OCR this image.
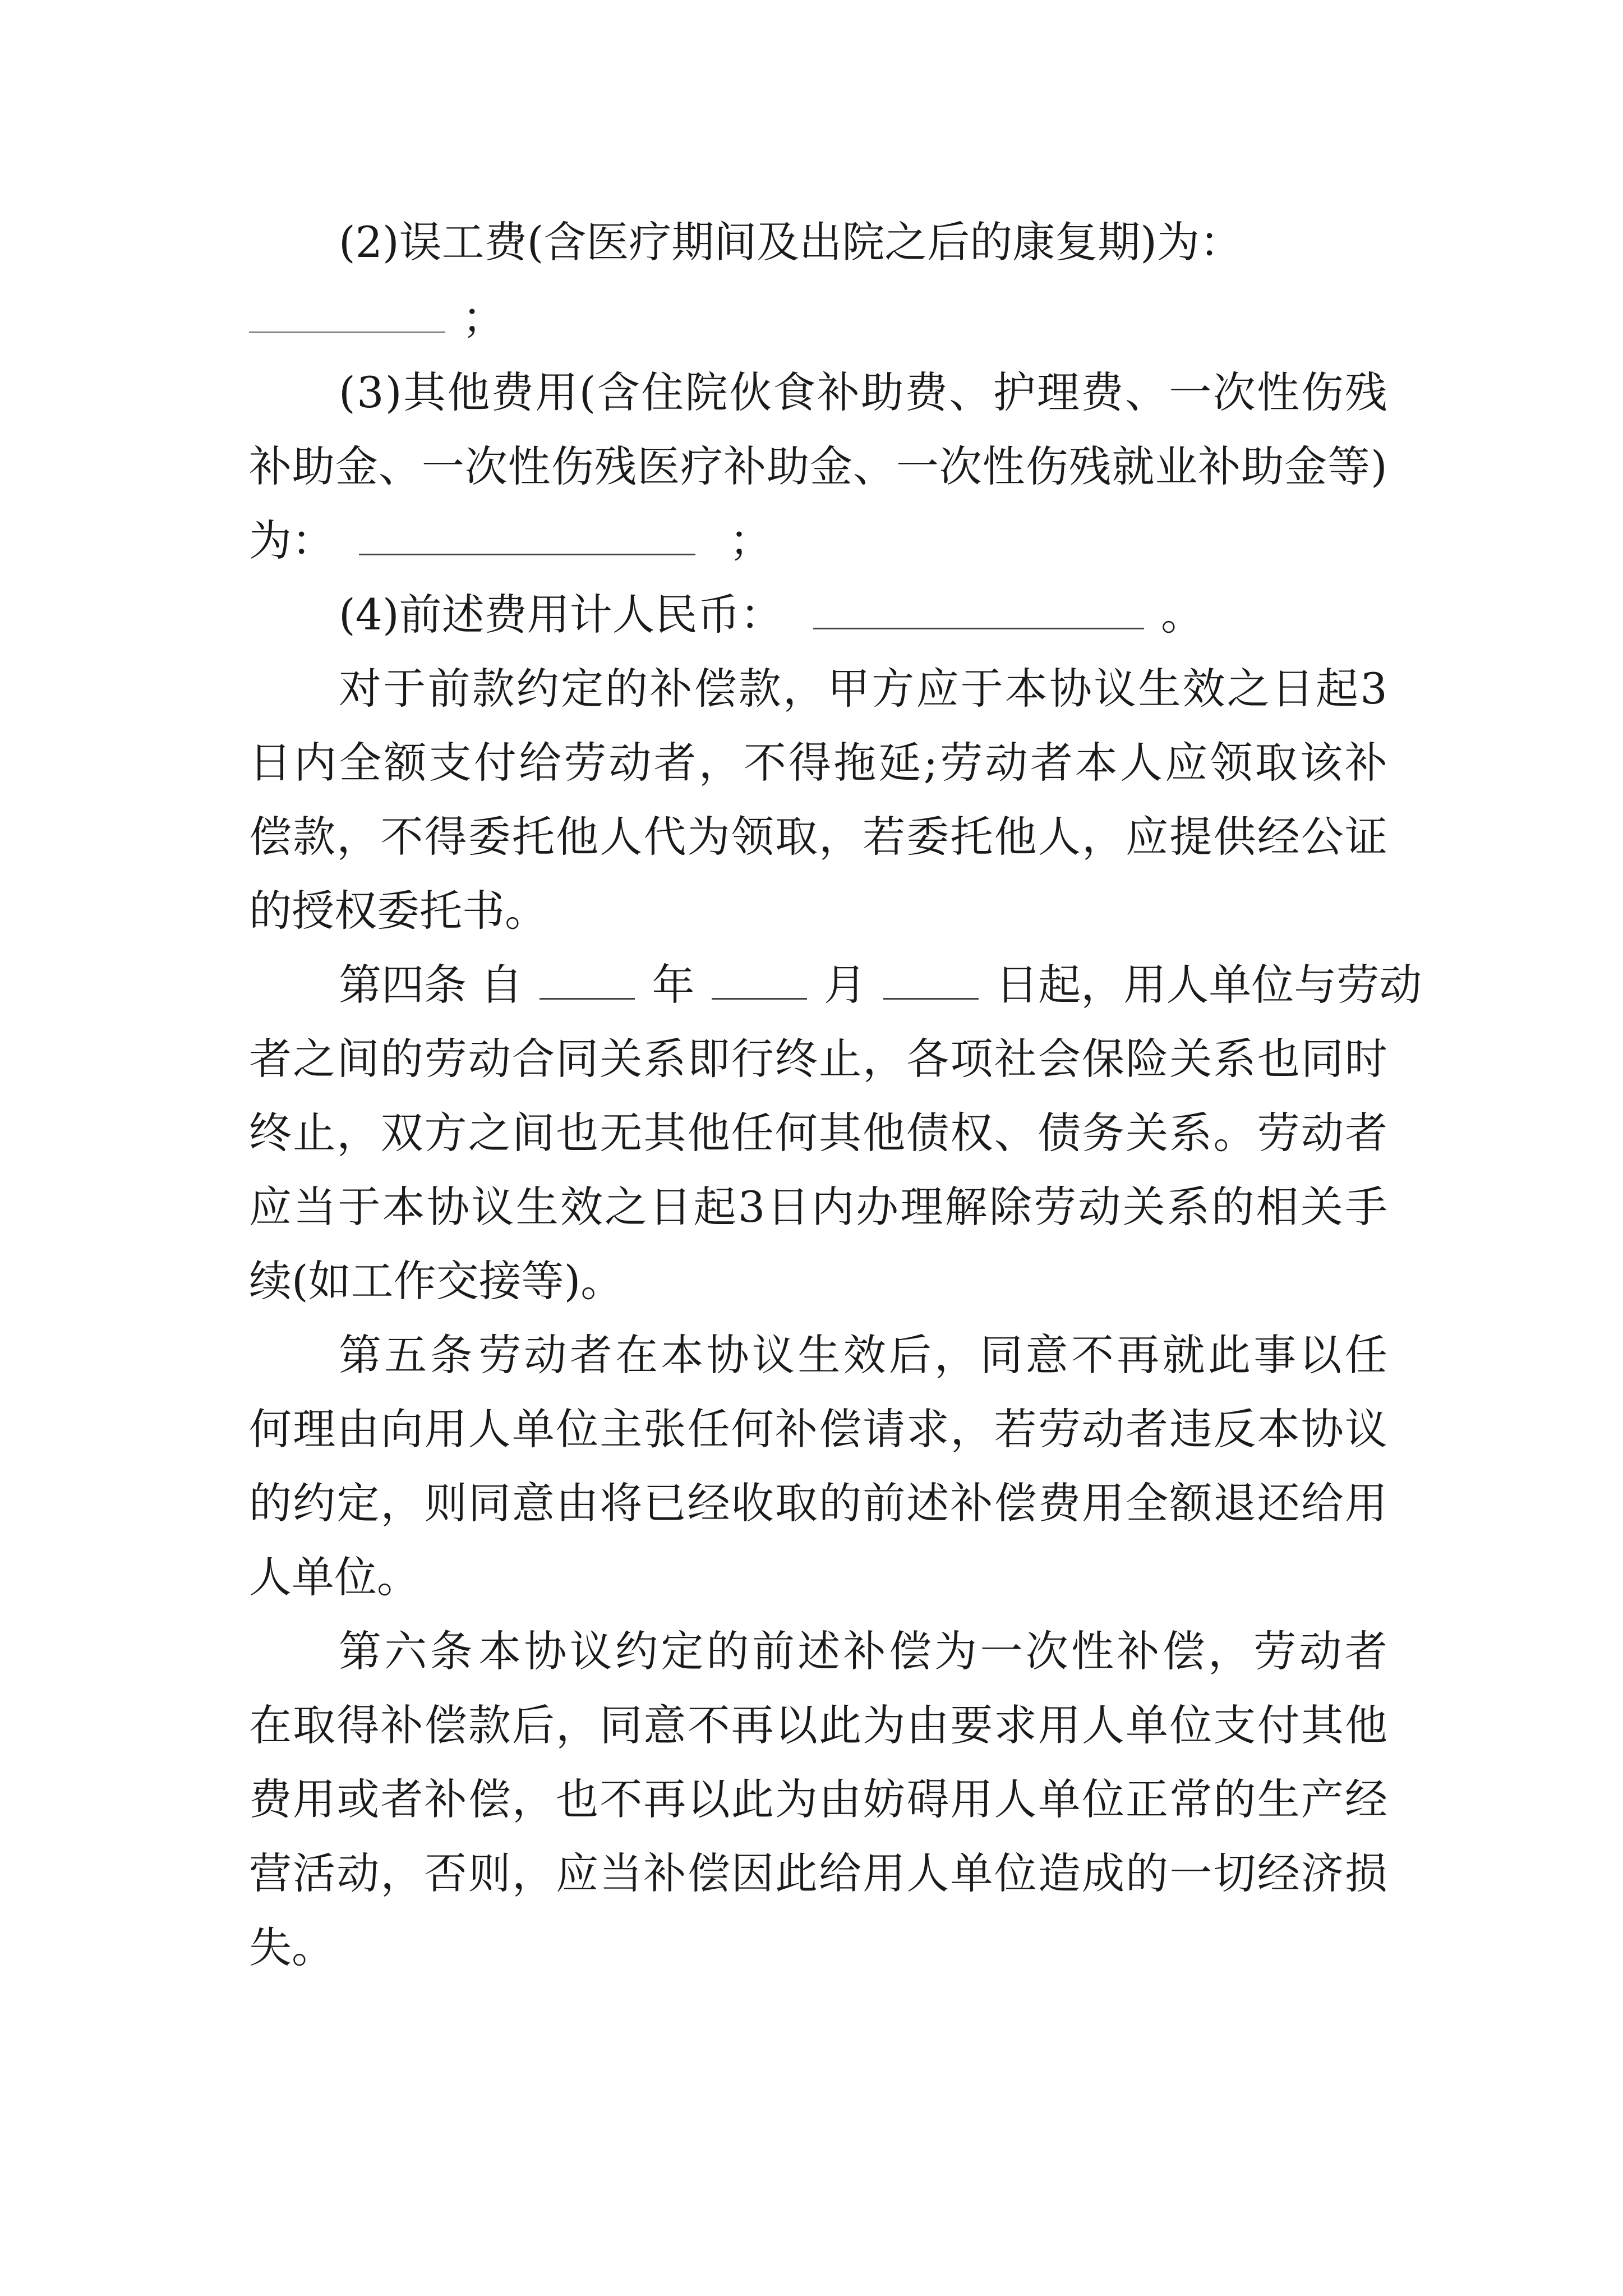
(2)误工费(含医疗期间及出院之后的康复期)为：
；
( 3 ) 其 他 费 用 ( 含 住 院 伙 食 补 助 费 、 护 理 费 、 一 次 性 伤 残
补 助 金 、 一 次 性 伤 残 医 疗 补 助 金 、 一 次 性 伤 残 就 业 补 助 金 等 )
为：	；
(4)前述费用计人民币：	。
对 于 前 款 约 定 的 补 偿 款 ， 甲 方 应 于 本 协 议 生 效 之 日 起 3
日 内 全 额 支 付 给 劳 动 者 ， 不 得 拖 延 ; 劳 动 者 本 人 应 领 取 该 补
偿 款 ， 不 得 委 托 他 人 代 为 领 取 ， 若 委 托 他 人 ， 应 提 供 经 公 证
的授权委托书。
第四条 自	年	月	日起，用人单位与劳动
者 之 间 的 劳 动 合 同 关 系 即 行 终 止 ， 各 项 社 会 保 险 关 系 也 同 时
终 止 ， 双 方 之 间 也 无 其 他 任 何 其 他 债 权 、 债 务 关 系 。 劳 动 者
应 当 于 本 协 议 生 效 之 日 起 3 日 内 办 理 解 除 劳 动 关 系 的 相 关 手
续(如工作交接等)。
第 五 条 劳 动 者 在 本 协 议 生 效 后 ， 同 意 不 再 就 此 事 以 任
何 理 由 向 用 人 单 位 主 张 任 何 补 偿 请 求 ， 若 劳 动 者 违 反 本 协 议
的 约 定 ， 则 同 意 由 将 已 经 收 取 的 前 述 补 偿 费 用 全 额 退 还 给 用
人单位。
第 六 条 本 协 议 约 定 的 前 述 补 偿 为 一 次 性 补 偿 ， 劳 动 者
在 取 得 补 偿 款 后 ， 同 意 不 再 以 此 为 由 要 求 用 人 单 位 支 付 其 他
费 用 或 者 补 偿 ， 也 不 再 以 此 为 由 妨 碍 用 人 单 位 正 常 的 生 产 经
营 活 动 ， 否 则 ， 应 当 补 偿 因 此 给 用 人 单 位 造 成 的 一 切 经 济 损
失。
